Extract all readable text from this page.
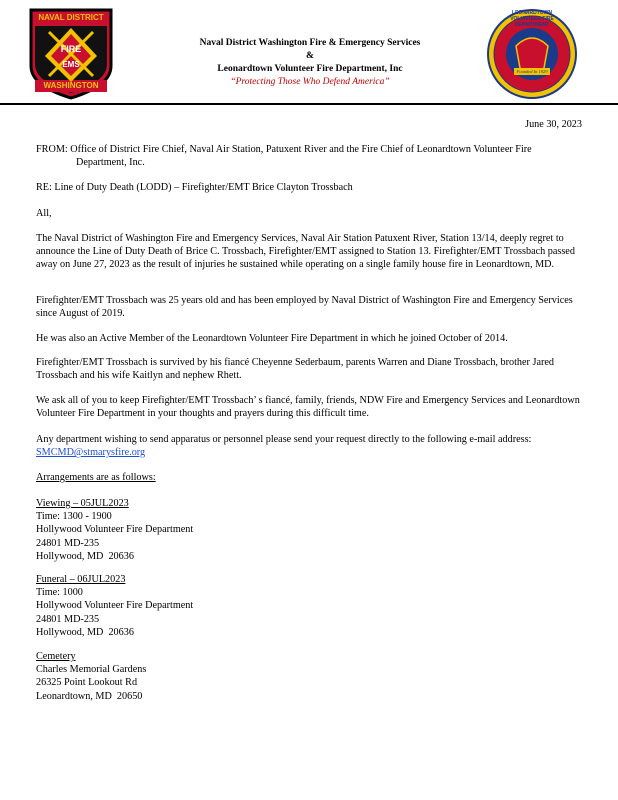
NAVAL DISTRICT
FIRE
EMS
WASHINGTON
Naval District Washington Fire & Emergency Services
&
Leonardtown Volunteer Fire Department, Inc
“Protecting Those Who Defend America”
LEONARDTOWN VOLUNTEER FIRE DEPARTMENT
Founded In 1929
June 30, 2023
FROM: Office of District Fire Chief, Naval Air Station, Patuxent River and the Fire Chief of Leonardtown Volunteer Fire
Department, Inc.
RE: Line of Duty Death (LODD) – Firefighter/EMT Brice Clayton Trossbach
All,
The Naval District of Washington Fire and Emergency Services, Naval Air Station Patuxent River, Station 13/14, deeply regret to announce the Line of Duty Death of Brice C. Trossbach, Firefighter/EMT assigned to Station 13. Firefighter/EMT Trossbach passed away on June 27, 2023 as the result of injuries he sustained while operating on a single family house fire in Leonardtown, MD.
Firefighter/EMT Trossbach was 25 years old and has been employed by Naval District of Washington Fire and Emergency Services since August of 2019.
He was also an Active Member of the Leonardtown Volunteer Fire Department in which he joined October of 2014.
Firefighter/EMT Trossbach is survived by his fiancé Cheyenne Sederbaum, parents Warren and Diane Trossbach, brother Jared Trossbach and his wife Kaitlyn and nephew Rhett.
We ask all of you to keep Firefighter/EMT Trossbach’ s fiancé, family, friends, NDW Fire and Emergency Services and Leonardtown Volunteer Fire Department in your thoughts and prayers during this difficult time.
Any department wishing to send apparatus or personnel please send your request directly to the following e-mail address:
SMCMD@stmarysfire.org
Arrangements are as follows:
Viewing – 05JUL2023
Time: 1300 - 1900
Hollywood Volunteer Fire Department
24801 MD-235
Hollywood, MD  20636
Funeral – 06JUL2023
Time: 1000
Hollywood Volunteer Fire Department
24801 MD-235
Hollywood, MD  20636
Cemetery
Charles Memorial Gardens
26325 Point Lookout Rd
Leonardtown, MD  20650
